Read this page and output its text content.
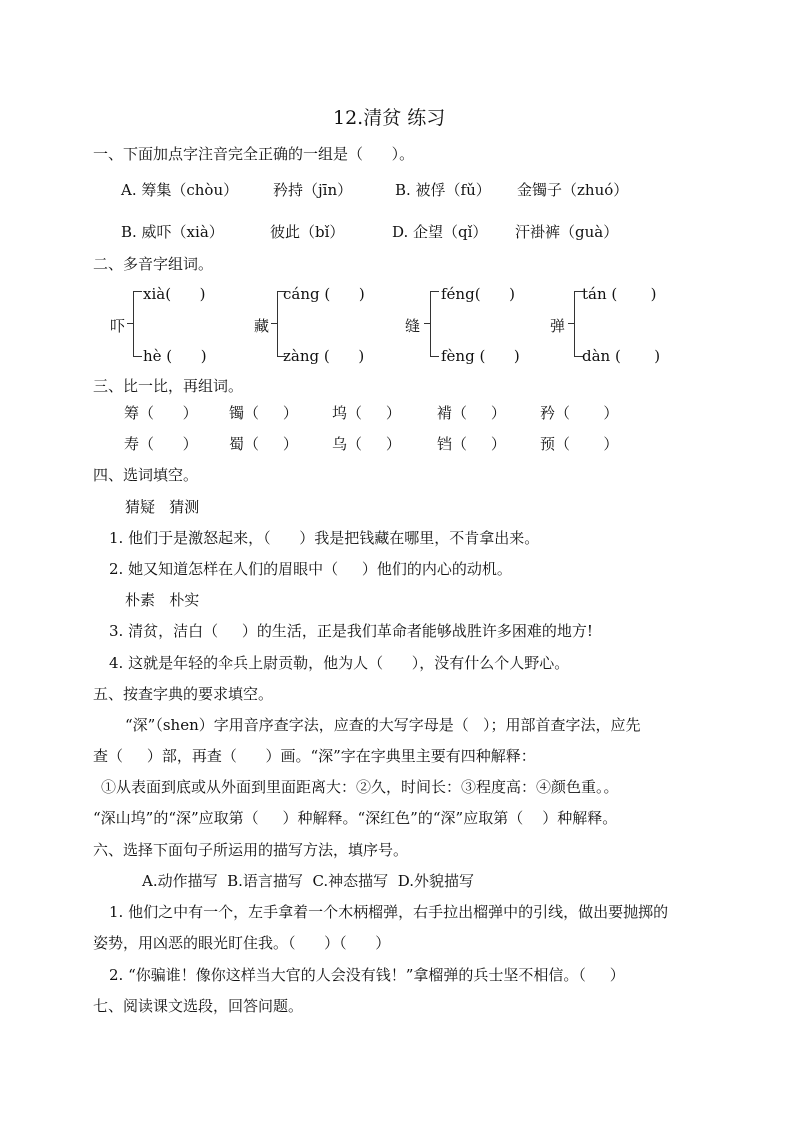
12.清贫 练习
一、下面加点字注音完全正确的一组是（      ）。
A. 筹集（chòu） 矜持（jīn）	B. 被俘（fǔ） 金镯子（zhuó）
B. 威吓（xià）	彼此（bǐ）	D. 企望（qǐ） 汗褂裤（guà）
二、多音字组词。
吓
xià(      )
hè (      )
藏
cáng (      )
zàng (      )
缝
féng(      )
fèng (      )
弹
tán (       )
dàn (       )
三、比一比，再组词。
筹（      ） 镯（     ） 坞（     ） 褙（     ） 矜（       ）
寿（      ） 蜀（     ） 乌（     ） 铛（     ） 预（       ）
四、选词填空。
猜疑   猜测
1. 他们于是激怒起来，（      ）我是把钱藏在哪里，不肯拿出来。
2. 她又知道怎样在人们的眉眼中（     ）他们的内心的动机。
朴素   朴实
3. 清贫，洁白（     ）的生活，正是我们革命者能够战胜许多困难的地方!
4. 这就是年轻的伞兵上尉贡勒，他为人（      ），没有什么个人野心。
五、按查字典的要求填空。
“深”（shen）字用音序查字法，应查的大写字母是（   ）；用部首查字法，应先
查（     ）部，再查（      ）画。“深”字在字典里主要有四种解释：
①从表面到底或从外面到里面距离大：②久，时间长：③程度高：④颜色重。。
“深山坞”的“深”应取第（     ）种解释。“深红色”的“深”应取第（    ）种解释。
六、选择下面句子所运用的描写方法，填序号。
A.动作描写  B.语言描写  C.神态描写  D.外貌描写
1. 他们之中有一个，左手拿着一个木柄榴弹，右手拉出榴弹中的引线，做出要抛掷的
姿势，用凶恶的眼光盯住我。（      ）（      ）
2. “你骗谁！像你这样当大官的人会没有钱！”拿榴弹的兵士坚不相信。（     ）
七、阅读课文选段，回答问题。
